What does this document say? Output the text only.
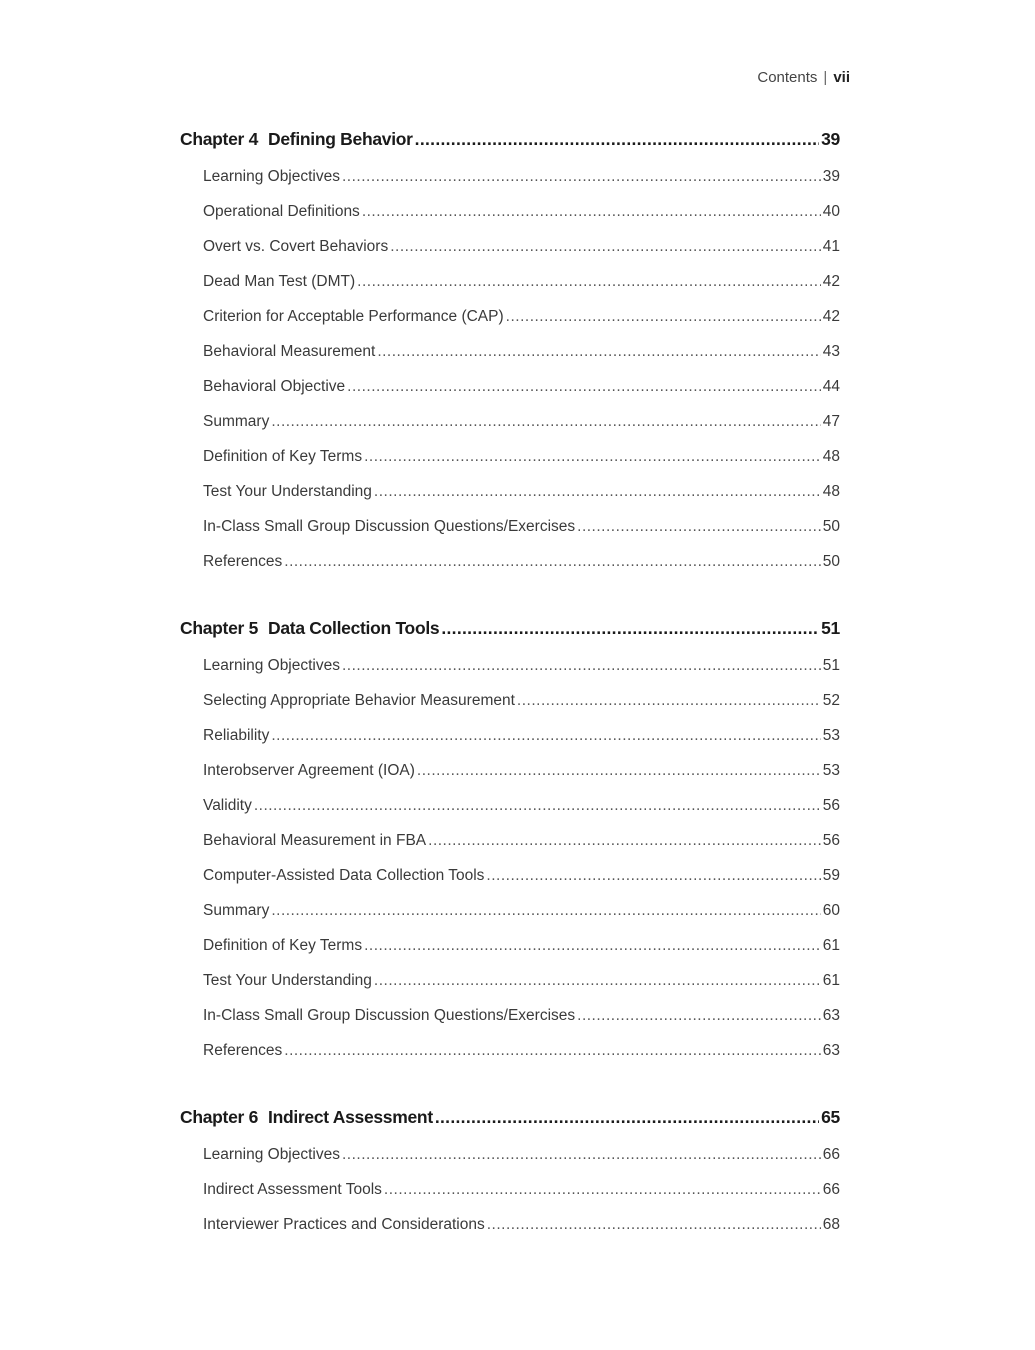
Contents | vii
Chapter 4 Defining Behavior .....	39
Learning Objectives .....	39
Operational Definitions .....	40
Overt vs. Covert Behaviors .....	41
Dead Man Test (DMT) .....	42
Criterion for Acceptable Performance (CAP) .....	42
Behavioral Measurement .....	43
Behavioral Objective .....	44
Summary .....	47
Definition of Key Terms .....	48
Test Your Understanding .....	48
In-Class Small Group Discussion Questions/Exercises .....	50
References .....	50
Chapter 5 Data Collection Tools .....	51
Learning Objectives .....	51
Selecting Appropriate Behavior Measurement .....	52
Reliability .....	53
Interobserver Agreement (IOA) .....	53
Validity .....	56
Behavioral Measurement in FBA .....	56
Computer-Assisted Data Collection Tools .....	59
Summary .....	60
Definition of Key Terms .....	61
Test Your Understanding .....	61
In-Class Small Group Discussion Questions/Exercises .....	63
References .....	63
Chapter 6 Indirect Assessment .....	65
Learning Objectives .....	66
Indirect Assessment Tools .....	66
Interviewer Practices and Considerations .....	68
